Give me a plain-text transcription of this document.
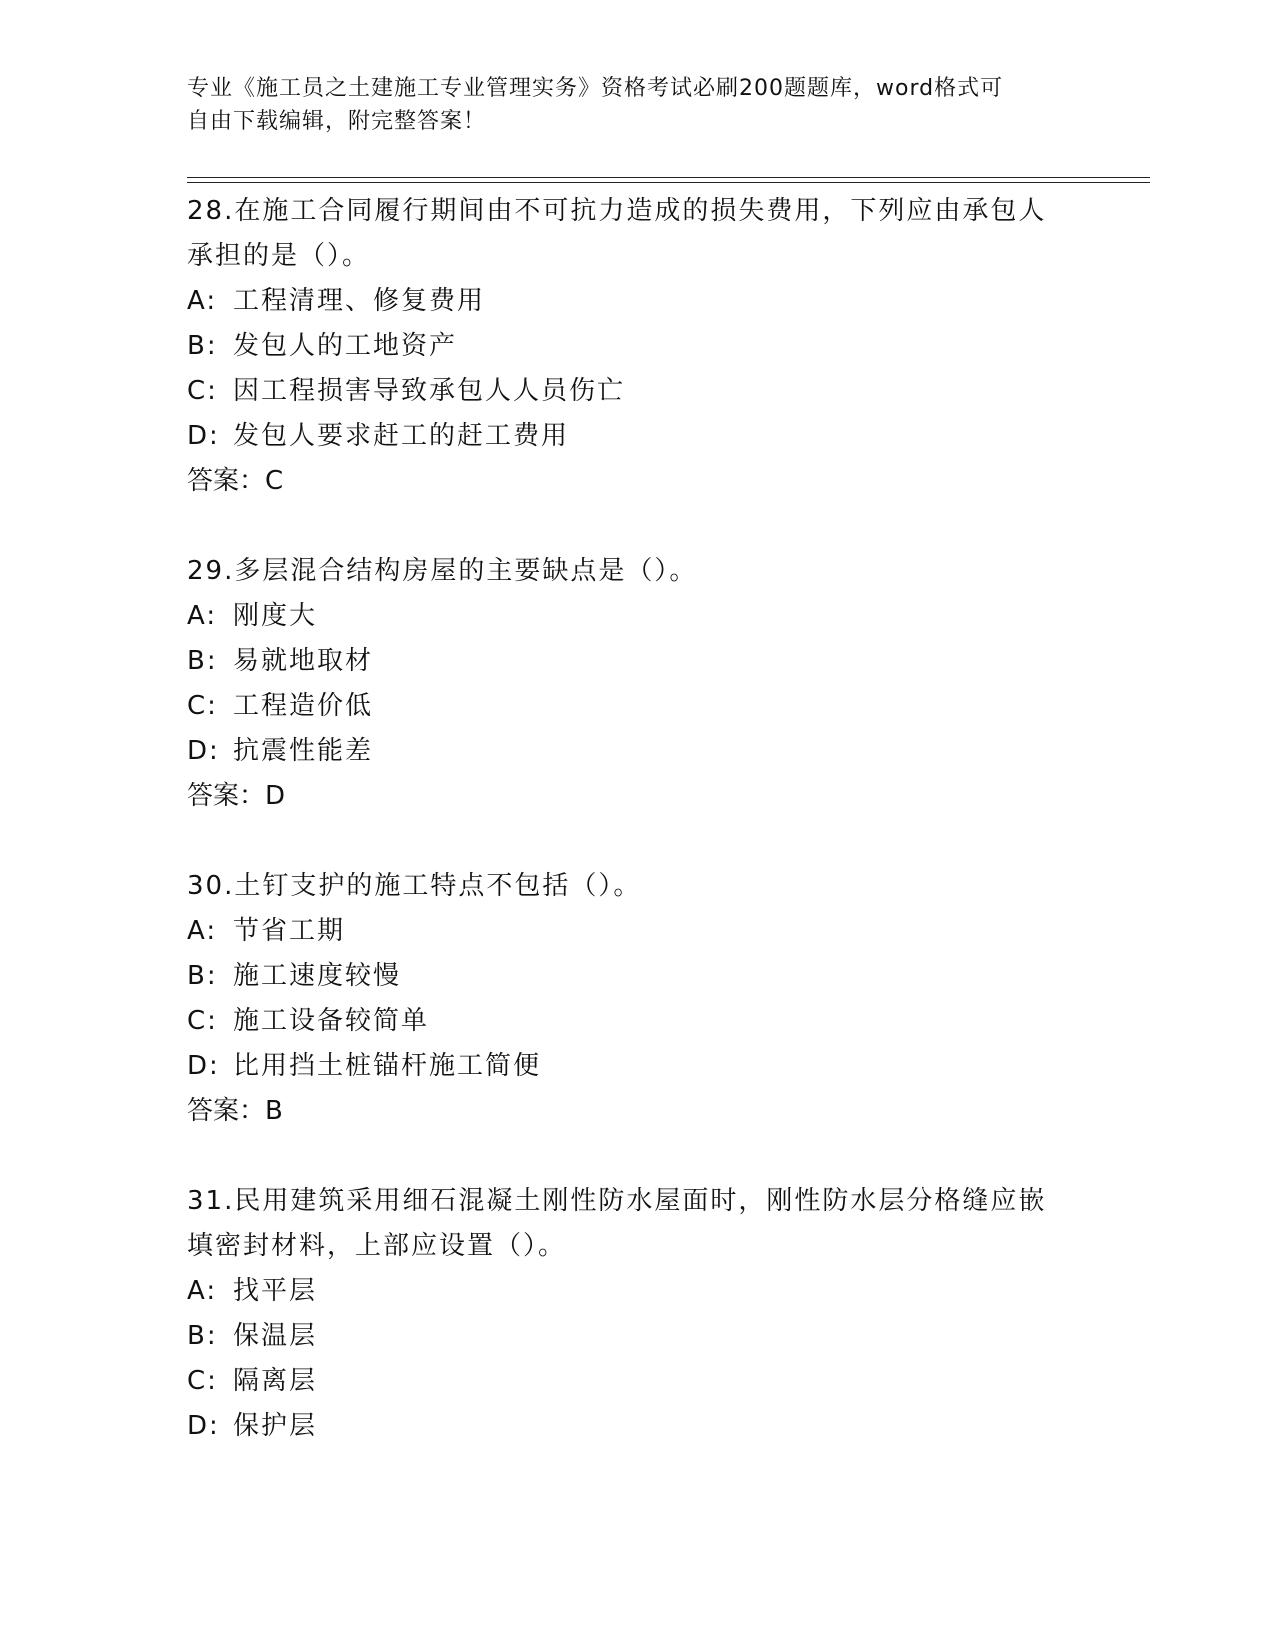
专业《施工员之土建施工专业管理实务》资格考试必刷200题题库，word格式可
自由下载编辑，附完整答案！
28.在施工合同履行期间由不可抗力造成的损失费用，下列应由承包人
承担的是（）。
A: 工程清理、修复费用
B: 发包人的工地资产
C: 因工程损害导致承包人人员伤亡
D: 发包人要求赶工的赶工费用
答案：C
29.多层混合结构房屋的主要缺点是（）。
A: 刚度大
B: 易就地取材
C: 工程造价低
D: 抗震性能差
答案：D
30.土钉支护的施工特点不包括（）。
A: 节省工期
B: 施工速度较慢
C: 施工设备较简单
D: 比用挡土桩锚杆施工简便
答案：B
31.民用建筑采用细石混凝土刚性防水屋面时，刚性防水层分格缝应嵌
填密封材料，上部应设置（）。
A: 找平层
B: 保温层
C: 隔离层
D: 保护层
